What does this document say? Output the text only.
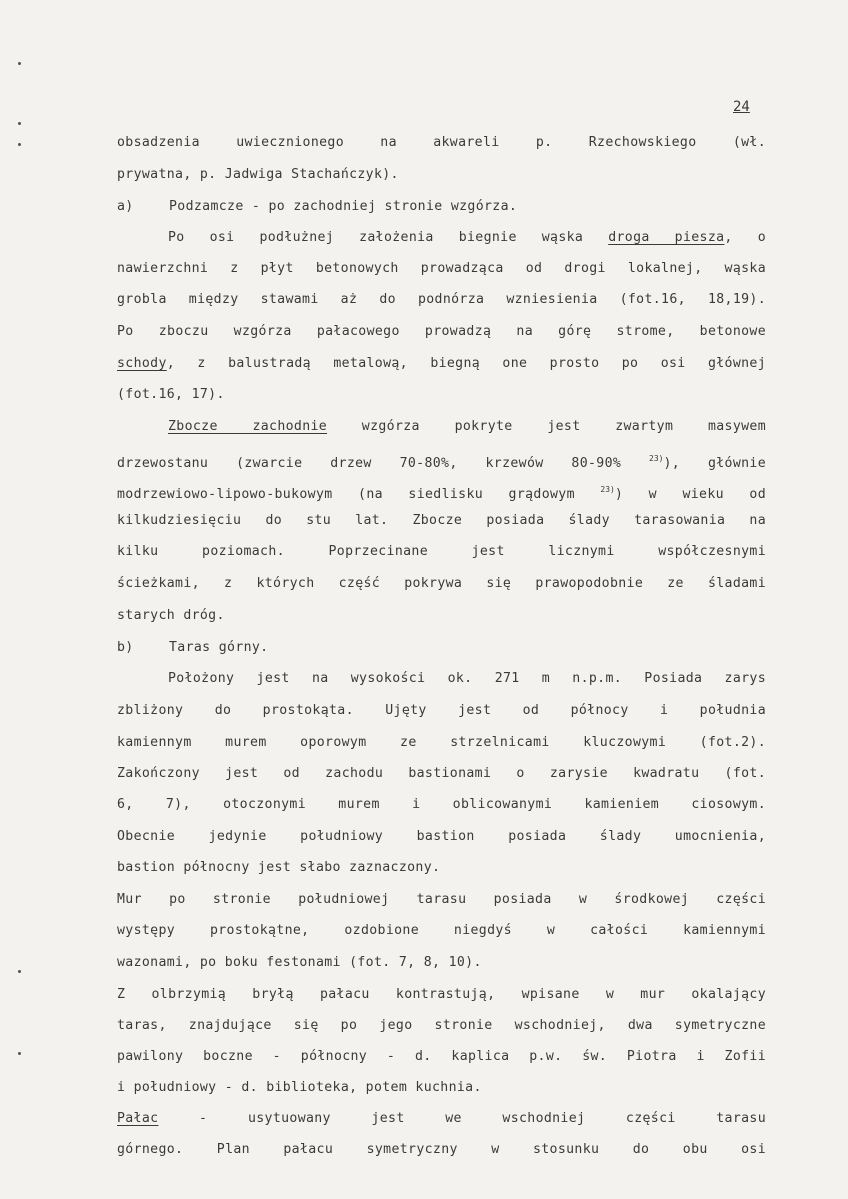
24
obsadzenia uwiecznionego na akwareli p. Rzechowskiego (wł.
prywatna, p. Jadwiga Stachańczyk).
a)	Podzamcze - po zachodniej stronie wzgórza.
Po osi podłużnej założenia biegnie wąska droga piesza, o
nawierzchni z płyt betonowych prowadząca od drogi lokalnej, wąska
grobla między stawami aż do podnórza wzniesienia (fot.16, 18,19).
Po zboczu wzgórza pałacowego prowadzą na górę strome, betonowe
schody, z balustradą metalową, biegną one prosto po osi głównej
(fot.16, 17).
Zbocze zachodnie wzgórza pokryte jest zwartym masywem
drzewostanu (zwarcie drzew 70-80%, krzewów 80-90% $^{23)}$), głównie
modrzewiowo-lipowo-bukowym (na siedlisku grądowym $^{23)}$) w wieku od
kilkudziesięciu do stu lat. Zbocze posiada ślady tarasowania na
kilku poziomach. Poprzecinane jest licznymi współczesnymi
ścieżkami, z których część pokrywa się prawopodobnie ze śladami
starych dróg.
b)	Taras górny.
Położony jest na wysokości ok. 271 m n.p.m. Posiada zarys
zbliżony do prostokąta. Ujęty jest od północy i południa
kamiennym murem oporowym ze strzelnicami kluczowymi (fot.2).
Zakończony jest od zachodu bastionami o zarysie kwadratu (fot.
6, 7), otoczonymi murem i oblicowanymi kamieniem ciosowym.
Obecnie jedynie południowy bastion posiada ślady umocnienia,
bastion północny jest słabo zaznaczony.
Mur po stronie południowej tarasu posiada w środkowej części
występy prostokątne, ozdobione niegdyś w całości kamiennymi
wazonami, po boku festonami (fot. 7, 8, 10).
Z olbrzymią bryłą pałacu kontrastują, wpisane w mur okalający
taras, znajdujące się po jego stronie wschodniej, dwa symetryczne
pawilony boczne - północny - d. kaplica p.w. św. Piotra i Zofii
i południowy - d. biblioteka, potem kuchnia.
Pałac - usytuowany jest we wschodniej części tarasu
górnego. Plan pałacu symetryczny w stosunku do obu osi
